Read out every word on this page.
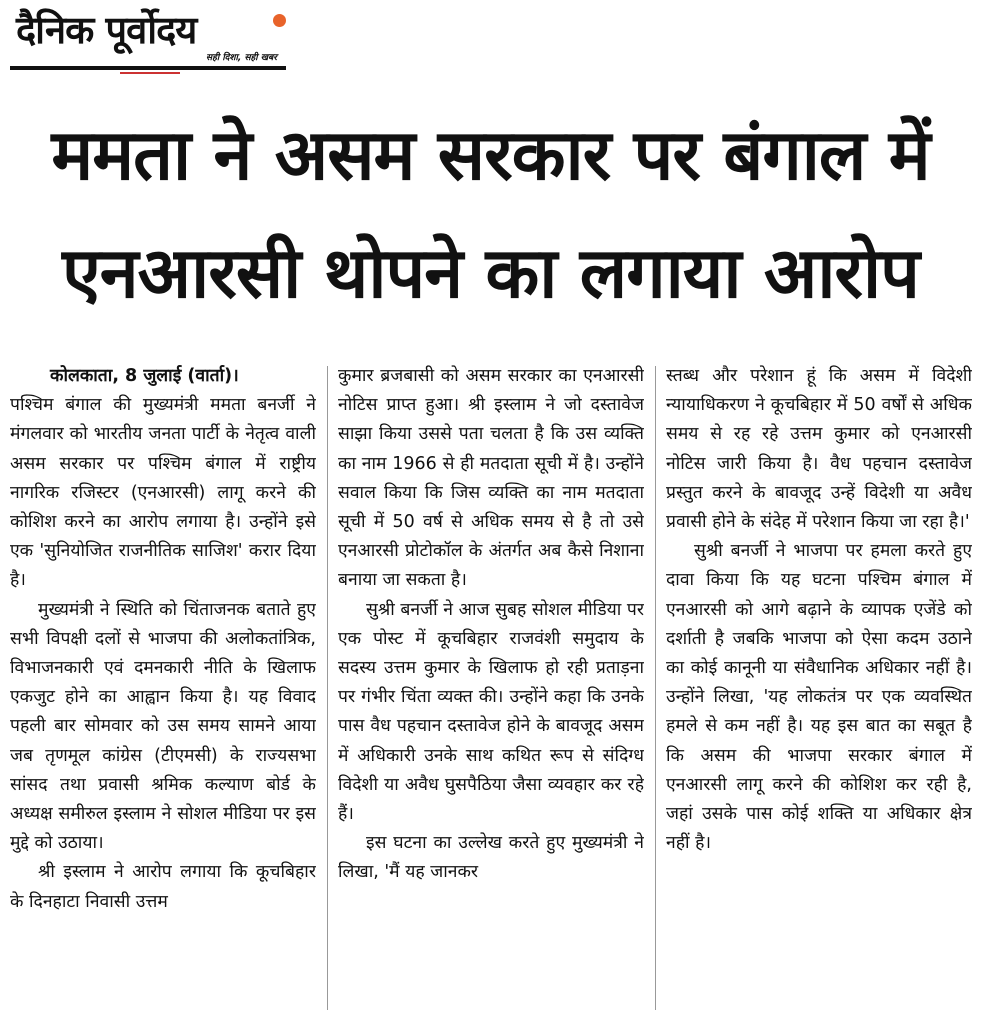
दैनिक पूर्वोदय
सही दिशा, सही खबर
ममता ने असम सरकार पर बंगाल में
एनआरसी थोपने का लगाया आरोप

कोलकाता, 8 जुलाई (वार्ता)।

पश्चिम बंगाल की मुख्यमंत्री ममता बनर्जी ने मंगलवार को भारतीय जनता पार्टी के नेतृत्व वाली असम सरकार पर पश्चिम बंगाल में राष्ट्रीय नागरिक रजिस्टर (एनआरसी) लागू करने की कोशिश करने का आरोप लगाया है। उन्होंने इसे एक 'सुनियोजित राजनीतिक साजिश' करार दिया है।

मुख्यमंत्री ने स्थिति को चिंताजनक बताते हुए सभी विपक्षी दलों से भाजपा की अलोकतांत्रिक, विभाजनकारी एवं दमनकारी नीति के खिलाफ एकजुट होने का आह्वान किया है। यह विवाद पहली बार सोमवार को उस समय सामने आया जब तृणमूल कांग्रेस (टीएमसी) के राज्यसभा सांसद तथा प्रवासी श्रमिक कल्याण बोर्ड के अध्यक्ष समीरुल इस्लाम ने सोशल मीडिया पर इस मुद्दे को उठाया।

श्री इस्लाम ने आरोप लगाया कि कूचबिहार के दिनहाटा निवासी उत्तम

कुमार ब्रजबासी को असम सरकार का एनआरसी नोटिस प्राप्त हुआ। श्री इस्लाम ने जो दस्तावेज साझा किया उससे पता चलता है कि उस व्यक्ति का नाम 1966 से ही मतदाता सूची में है। उन्होंने सवाल किया कि जिस व्यक्ति का नाम मतदाता सूची में 50 वर्ष से अधिक समय से है तो उसे एनआरसी प्रोटोकॉल के अंतर्गत अब कैसे निशाना बनाया जा सकता है।

सुश्री बनर्जी ने आज सुबह सोशल मीडिया पर एक पोस्ट में कूचबिहार राजवंशी समुदाय के सदस्य उत्तम कुमार के खिलाफ हो रही प्रताड़ना पर गंभीर चिंता व्यक्त की। उन्होंने कहा कि उनके पास वैध पहचान दस्तावेज होने के बावजूद असम में अधिकारी उनके साथ कथित रूप से संदिग्ध विदेशी या अवैध घुसपैठिया जैसा व्यवहार कर रहे हैं।

इस घटना का उल्लेख करते हुए मुख्यमंत्री ने लिखा, 'मैं यह जानकर

स्तब्ध और परेशान हूं कि असम में विदेशी न्यायाधिकरण ने कूचबिहार में 50 वर्षों से अधिक समय से रह रहे उत्तम कुमार को एनआरसी नोटिस जारी किया है। वैध पहचान दस्तावेज प्रस्तुत करने के बावजूद उन्हें विदेशी या अवैध प्रवासी होने के संदेह में परेशान किया जा रहा है।'

सुश्री बनर्जी ने भाजपा पर हमला करते हुए दावा किया कि यह घटना पश्चिम बंगाल में एनआरसी को आगे बढ़ाने के व्यापक एजेंडे को दर्शाती है जबकि भाजपा को ऐसा कदम उठाने का कोई कानूनी या संवैधानिक अधिकार नहीं है। उन्होंने लिखा, 'यह लोकतंत्र पर एक व्यवस्थित हमले से कम नहीं है। यह इस बात का सबूत है कि असम की भाजपा सरकार बंगाल में एनआरसी लागू करने की कोशिश कर रही है, जहां उसके पास कोई शक्ति या अधिकार क्षेत्र नहीं है।
